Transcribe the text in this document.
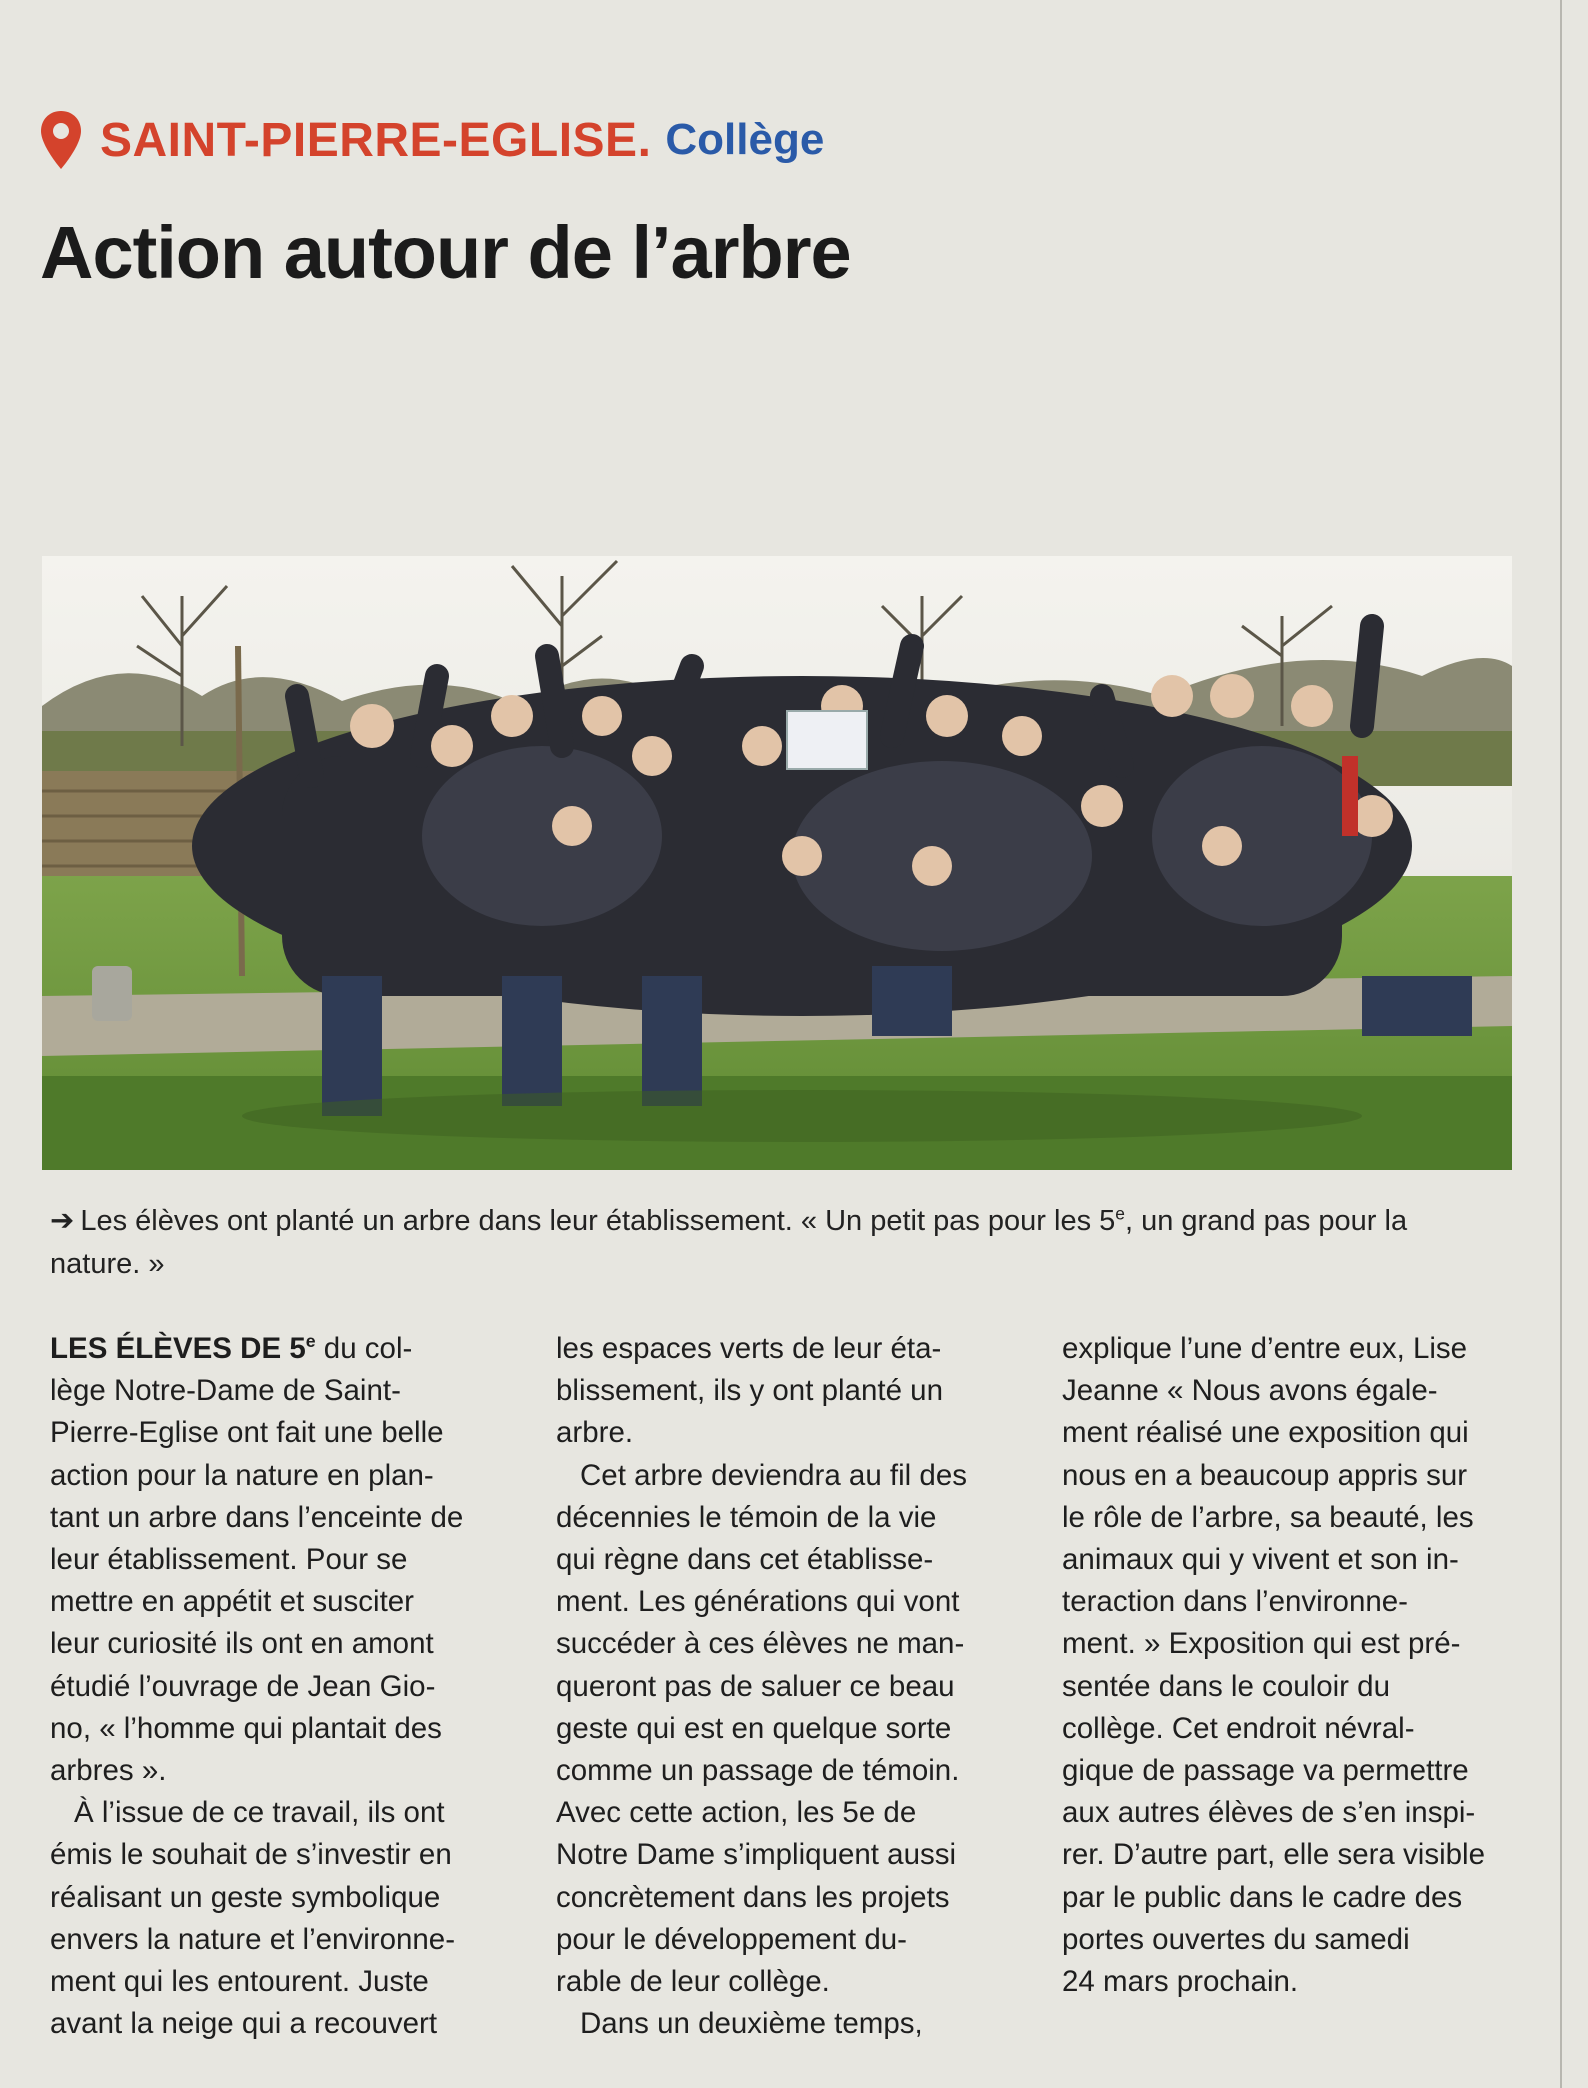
SAINT-PIERRE-EGLISE. Collège
Action autour de l’arbre
➔ Les élèves ont planté un arbre dans leur établissement. « Un petit pas pour les 5e, un grand pas pour la
nature. »
LES ÉLÈVES DE 5e du col-
lège Notre-Dame de Saint-
Pierre-Eglise ont fait une belle
action pour la nature en plan-
tant un arbre dans l’enceinte de
leur établissement. Pour se
mettre en appétit et susciter
leur curiosité ils ont en amont
étudié l’ouvrage de Jean Gio-
no, « l’homme qui plantait des
arbres ».
À l’issue de ce travail, ils ont
émis le souhait de s’investir en
réalisant un geste symbolique
envers la nature et l’environne-
ment qui les entourent. Juste
avant la neige qui a recouvert
les espaces verts de leur éta-
blissement, ils y ont planté un
arbre.
Cet arbre deviendra au fil des
décennies le témoin de la vie
qui règne dans cet établisse-
ment. Les générations qui vont
succéder à ces élèves ne man-
queront pas de saluer ce beau
geste qui est en quelque sorte
comme un passage de témoin.
Avec cette action, les 5e de
Notre Dame s’impliquent aussi
concrètement dans les projets
pour le développement du-
rable de leur collège.
Dans un deuxième temps,
explique l’une d’entre eux, Lise
Jeanne « Nous avons égale-
ment réalisé une exposition qui
nous en a beaucoup appris sur
le rôle de l’arbre, sa beauté, les
animaux qui y vivent et son in-
teraction dans l’environne-
ment. » Exposition qui est pré-
sentée dans le couloir du
collège. Cet endroit névral-
gique de passage va permettre
aux autres élèves de s’en inspi-
rer. D’autre part, elle sera visible
par le public dans le cadre des
portes ouvertes du samedi
24 mars prochain.
